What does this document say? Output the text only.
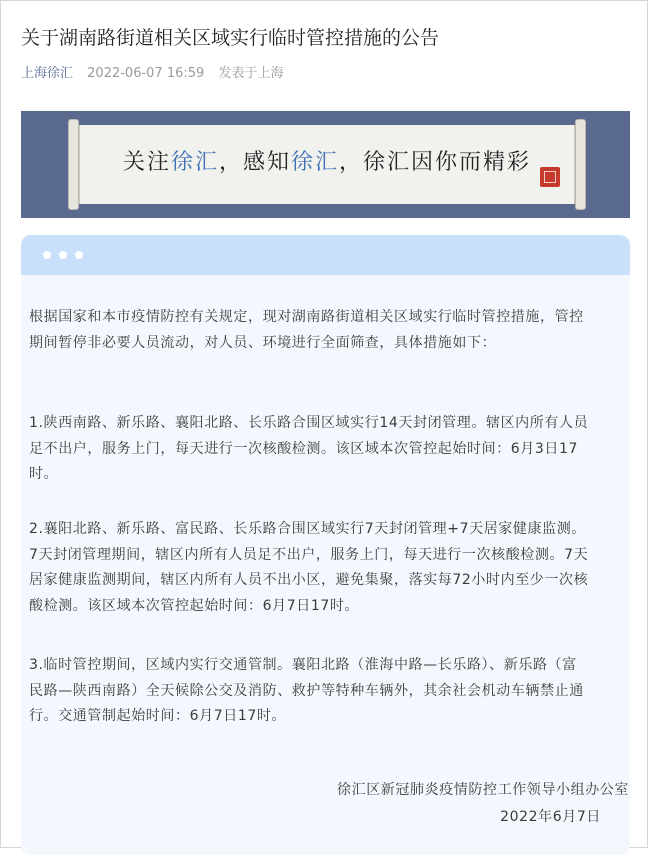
关于湖南路街道相关区域实行临时管控措施的公告
上海徐汇 2022-06-07 16:59 发表于上海
关注徐汇，感知徐汇，徐汇因你而精彩

根据国家和本市疫情防控有关规定，现对湖南路街道相关区域实行临时管控措施，管控期间暂停非必要人员流动，对人员、环境进行全面筛查，具体措施如下：

1.陕西南路、新乐路、襄阳北路、长乐路合围区域实行14天封闭管理。辖区内所有人员足不出户，服务上门，每天进行一次核酸检测。该区域本次管控起始时间：6月3日17时。

2.襄阳北路、新乐路、富民路、长乐路合围区域实行7天封闭管理+7天居家健康监测。7天封闭管理期间，辖区内所有人员足不出户，服务上门，每天进行一次核酸检测。7天居家健康监测期间，辖区内所有人员不出小区，避免集聚，落实每72小时内至少一次核酸检测。该区域本次管控起始时间：6月7日17时。

3.临时管控期间，区域内实行交通管制。襄阳北路（淮海中路—长乐路）、新乐路（富民路—陕西南路）全天候除公交及消防、救护等特种车辆外，其余社会机动车辆禁止通行。交通管制起始时间：6月7日17时。

徐汇区新冠肺炎疫情防控工作领导小组办公室

2022年6月7日
